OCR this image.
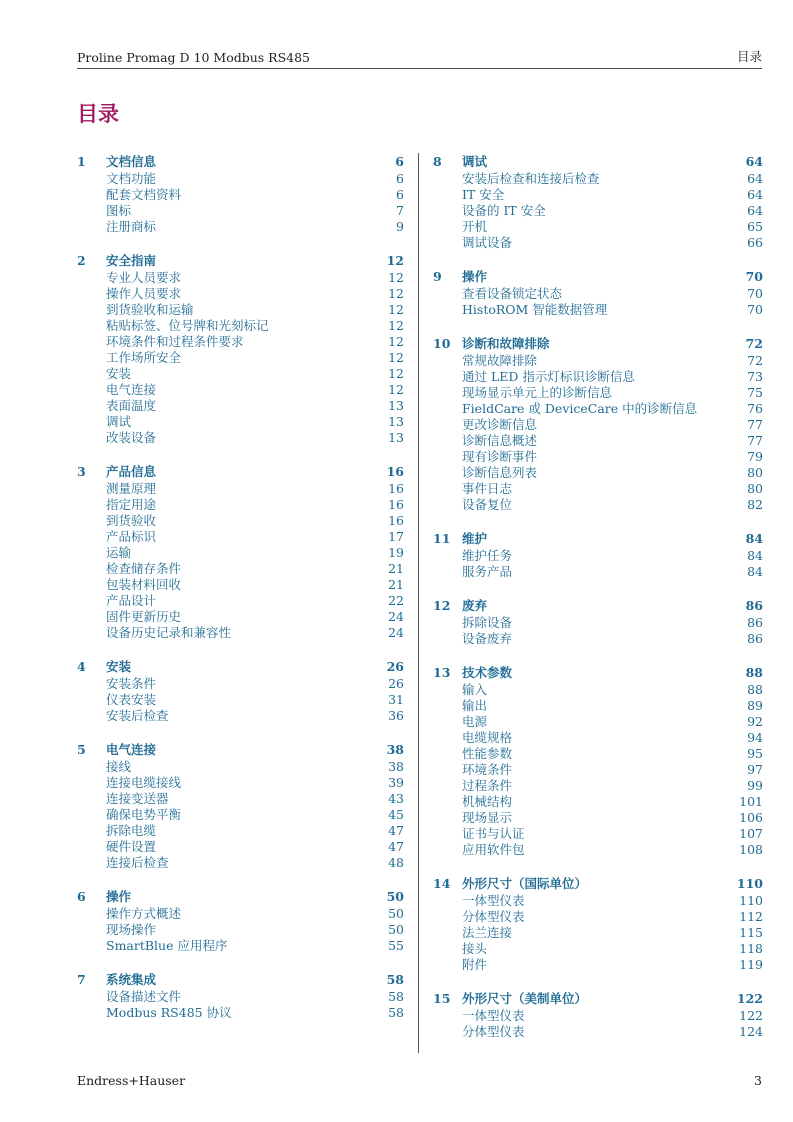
Proline Promag D 10 Modbus RS485	目录
目录
1	文档信息	6
文档功能	6
配套文档资料	6
图标	7
注册商标	9
2	安全指南	12
专业人员要求	12
操作人员要求	12
到货验收和运输	12
粘贴标签、位号牌和光刻标记	12
环境条件和过程条件要求	12
工作场所安全	12
安装	12
电气连接	12
表面温度	13
调试	13
改装设备	13
3	产品信息	16
测量原理	16
指定用途	16
到货验收	16
产品标识	17
运输	19
检查储存条件	21
包装材料回收	21
产品设计	22
固件更新历史	24
设备历史记录和兼容性	24
4	安装	26
安装条件	26
仪表安装	31
安装后检查	36
5	电气连接	38
接线	38
连接电缆接线	39
连接变送器	43
确保电势平衡	45
拆除电缆	47
硬件设置	47
连接后检查	48
6	操作	50
操作方式概述	50
现场操作	50
SmartBlue 应用程序	55
7	系统集成	58
设备描述文件	58
Modbus RS485 协议	58
8	调试	64
安装后检查和连接后检查	64
IT 安全	64
设备的 IT 安全	64
开机	65
调试设备	66
9	操作	70
查看设备锁定状态	70
HistoROM 智能数据管理	70
10 诊断和故障排除	72
常规故障排除	72
通过 LED 指示灯标识诊断信息	73
现场显示单元上的诊断信息	75
FieldCare 或 DeviceCare 中的诊断信息	76
更改诊断信息	77
诊断信息概述	77
现有诊断事件	79
诊断信息列表	80
事件日志	80
设备复位	82
11 维护	84
维护任务	84
服务产品	84
12 废弃	86
拆除设备	86
设备废弃	86
13 技术参数	88
输入	88
输出	89
电源	92
电缆规格	94
性能参数	95
环境条件	97
过程条件	99
机械结构	101
现场显示	106
证书与认证	107
应用软件包	108
14 外形尺寸（国际单位）	110
一体型仪表	110
分体型仪表	112
法兰连接	115
接头	118
附件	119
15 外形尺寸（美制单位）	122
一体型仪表	122
分体型仪表	124
Endress+Hauser	3
